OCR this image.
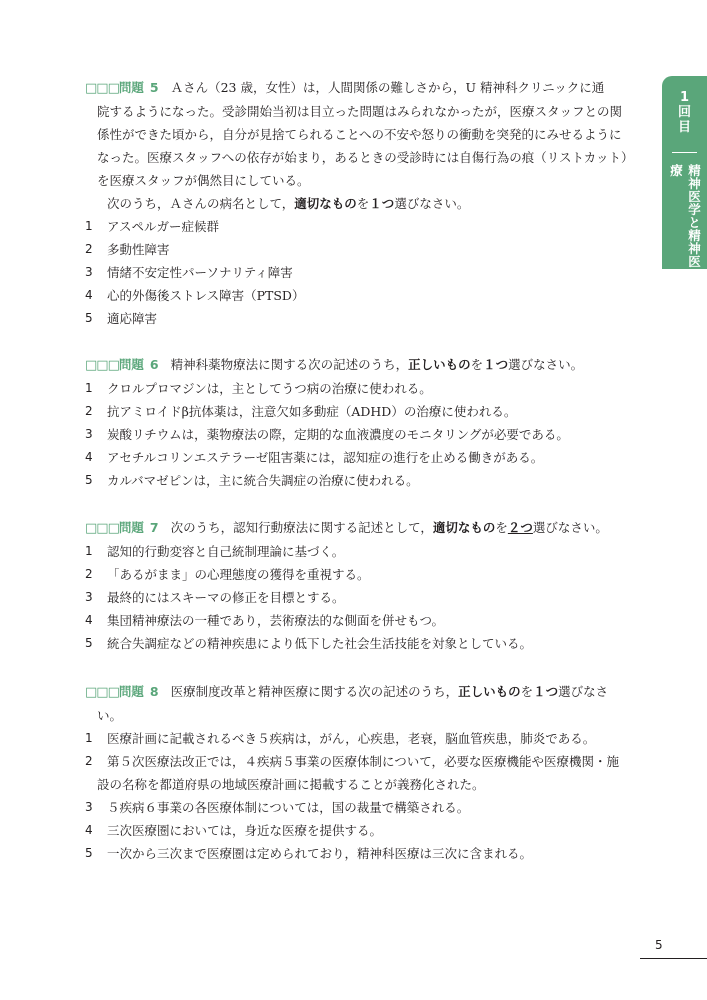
1
回
目
精神医学と精神医療

□□□問題 5 Ａさん（23 歳，女性）は，人間関係の難しさから，U 精神科クリニックに通
院するようになった。受診開始当初は目立った問題はみられなかったが，医療スタッフとの関
係性ができた頃から，自分が見捨てられることへの不安や怒りの衝動を突発的にみせるように
なった。医療スタッフへの依存が始まり，あるときの受診時には自傷行為の痕（リストカット）
を医療スタッフが偶然目にしている。
次のうち，Ａさんの病名として，適切なものを１つ選びなさい。

1 アスペルガー症候群
2 多動性障害
3 情緒不安定性パーソナリティ障害
4 心的外傷後ストレス障害（PTSD）
5 適応障害

□□□問題 6 精神科薬物療法に関する次の記述のうち，正しいものを１つ選びなさい。

1 クロルプロマジンは，主としてうつ病の治療に使われる。
2 抗アミロイドβ抗体薬は，注意欠如多動症（ADHD）の治療に使われる。
3 炭酸リチウムは，薬物療法の際，定期的な血液濃度のモニタリングが必要である。
4 アセチルコリンエステラーゼ阻害薬には，認知症の進行を止める働きがある。
5 カルバマゼピンは，主に統合失調症の治療に使われる。

□□□問題 7 次のうち，認知行動療法に関する記述として，適切なものを２つ選びなさい。

1 認知的行動変容と自己統制理論に基づく。
2 「あるがまま」の心理態度の獲得を重視する。
3 最終的にはスキーマの修正を目標とする。
4 集団精神療法の一種であり，芸術療法的な側面を併せもつ。
5 統合失調症などの精神疾患により低下した社会生活技能を対象としている。

□□□問題 8 医療制度改革と精神医療に関する次の記述のうち，正しいものを１つ選びなさ
い。

1 医療計画に記載されるべき５疾病は，がん，心疾患，老衰，脳血管疾患，肺炎である。
2	第５次医療法改正では，４疾病５事業の医療体制について，必要な医療機能や医療機関・施
設の名称を都道府県の地域医療計画に掲載することが義務化された。
3 ５疾病６事業の各医療体制については，国の裁量で構築される。
4 三次医療圏においては，身近な医療を提供する。
5 一次から三次まで医療圏は定められており，精神科医療は三次に含まれる。
5
